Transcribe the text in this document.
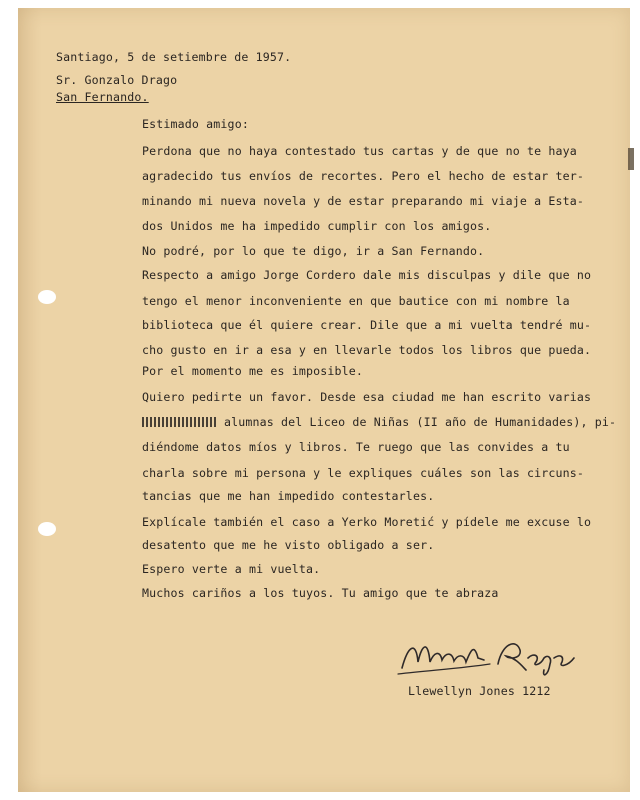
Santiago, 5 de setiembre de 1957.
Sr. Gonzalo Drago
San Fernando.
Estimado amigo:
Perdona que no haya contestado tus cartas y de que no te haya
agradecido tus envíos de recortes. Pero el hecho de estar ter-
minando mi nueva novela y de estar preparando mi viaje a Esta-
dos Unidos me ha impedido cumplir con los amigos.
No podré, por lo que te digo, ir a San Fernando.
Respecto a amigo Jorge Cordero dale mis disculpas y dile que no
tengo el menor inconveniente en que bautice con mi nombre la
biblioteca que él quiere crear. Dile que a mi vuelta tendré mu-
cho gusto en ir a esa y en llevarle todos los libros que pueda.
Por el momento me es imposible.
Quiero pedirte un favor. Desde esa ciudad me han escrito varias
alumnas del Liceo de Niñas (II año de Humanidades), pi-
diéndome datos míos y libros. Te ruego que las convides a tu
charla sobre mi persona y le expliques cuáles son las circuns-
tancias que me han impedido contestarles.
Explícale también el caso a Yerko Moretić y pídele me excuse lo
desatento que me he visto obligado a ser.
Espero verte a mi vuelta.
Muchos cariños a los tuyos. Tu amigo que te abraza
Llewellyn Jones 1212
